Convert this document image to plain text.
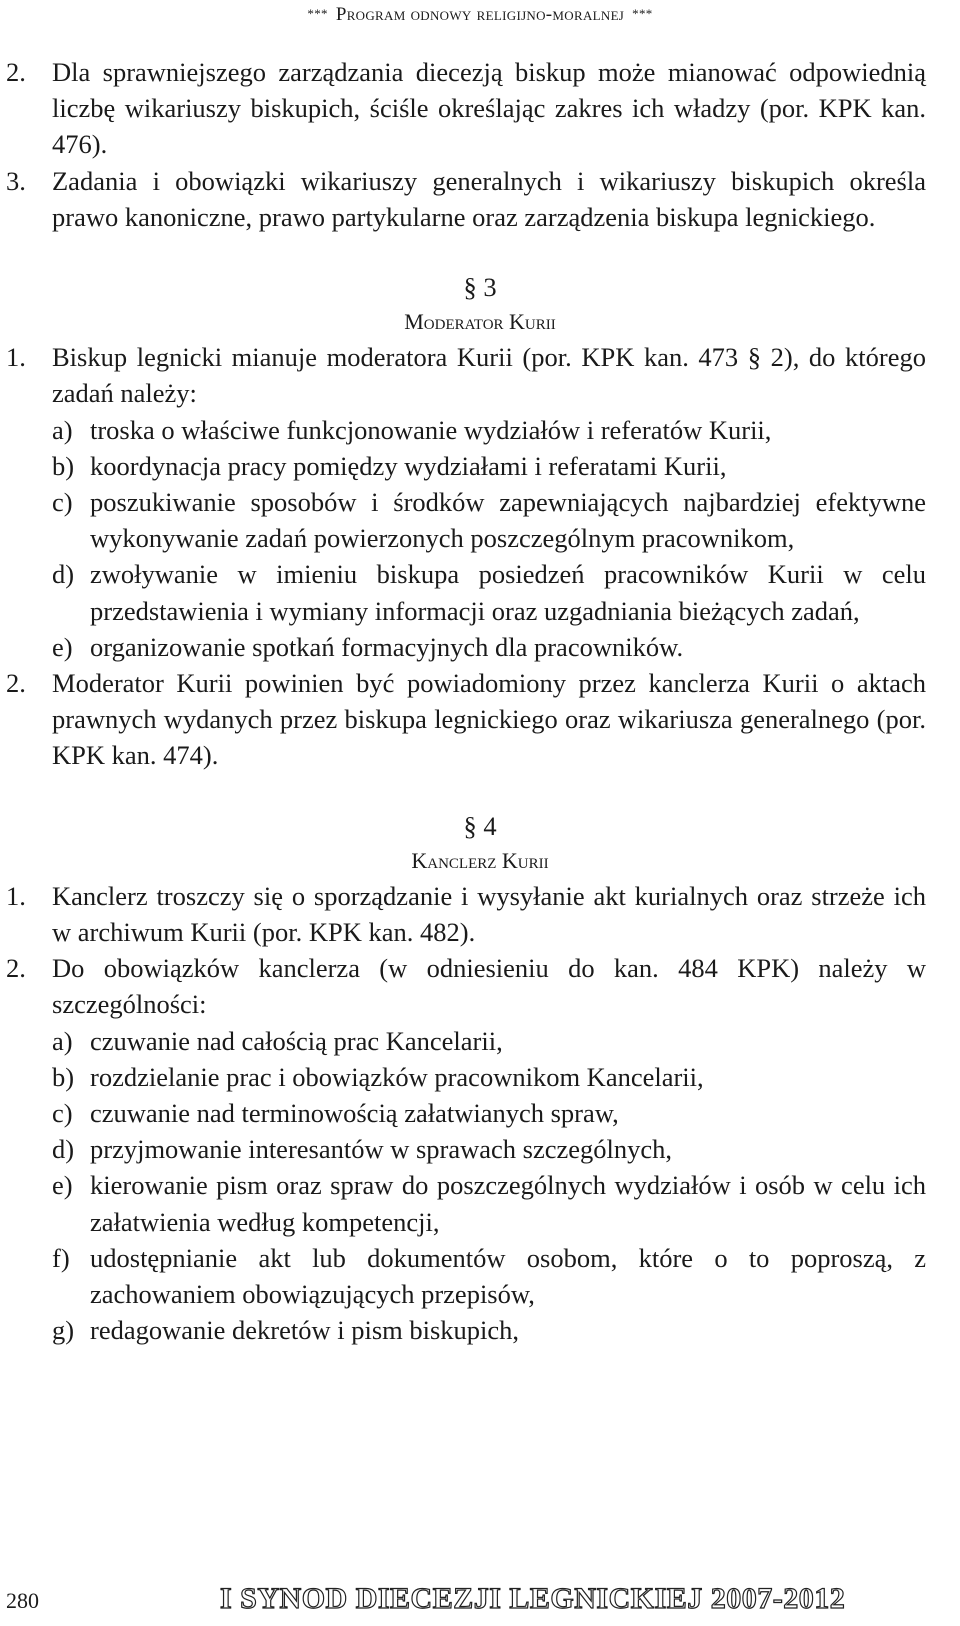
*** Program odnowy religijno-moralnej ***
2. Dla sprawniejszego zarządzania diecezją biskup może mianować odpowiednią liczbę wikariuszy biskupich, ściśle określając zakres ich władzy (por. KPK kan. 476).
3. Zadania i obowiązki wikariuszy generalnych i wikariuszy biskupich określa prawo kanoniczne, prawo partykularne oraz zarządzenia biskupa legnickiego.
§ 3
Moderator Kurii
1. Biskup legnicki mianuje moderatora Kurii (por. KPK kan. 473 § 2), do którego zadań należy:
a) troska o właściwe funkcjonowanie wydziałów i referatów Kurii,
b) koordynacja pracy pomiędzy wydziałami i referatami Kurii,
c) poszukiwanie sposobów i środków zapewniających najbardziej efektywne wykonywanie zadań powierzonych poszczególnym pracownikom,
d) zwoływanie w imieniu biskupa posiedzeń pracowników Kurii w celu przedstawienia i wymiany informacji oraz uzgadniania bieżących zadań,
e) organizowanie spotkań formacyjnych dla pracowników.
2. Moderator Kurii powinien być powiadomiony przez kanclerza Kurii o aktach prawnych wydanych przez biskupa legnickiego oraz wikariusza generalnego (por. KPK kan. 474).
§ 4
Kanclerz Kurii
1. Kanclerz troszczy się o sporządzanie i wysyłanie akt kurialnych oraz strzeże ich w archiwum Kurii (por. KPK kan. 482).
2. Do obowiązków kanclerza (w odniesieniu do kan. 484 KPK) należy w szczególności:
a) czuwanie nad całością prac Kancelarii,
b) rozdzielanie prac i obowiązków pracownikom Kancelarii,
c) czuwanie nad terminowością załatwianych spraw,
d) przyjmowanie interesantów w sprawach szczególnych,
e) kierowanie pism oraz spraw do poszczególnych wydziałów i osób w celu ich załatwienia według kompetencji,
f) udostępnianie akt lub dokumentów osobom, które o to poproszą, z zachowaniem obowiązujących przepisów,
g) redagowanie dekretów i pism biskupich,
280	I SYNOD DIECEZJI LEGNICKIEJ 2007-2012
